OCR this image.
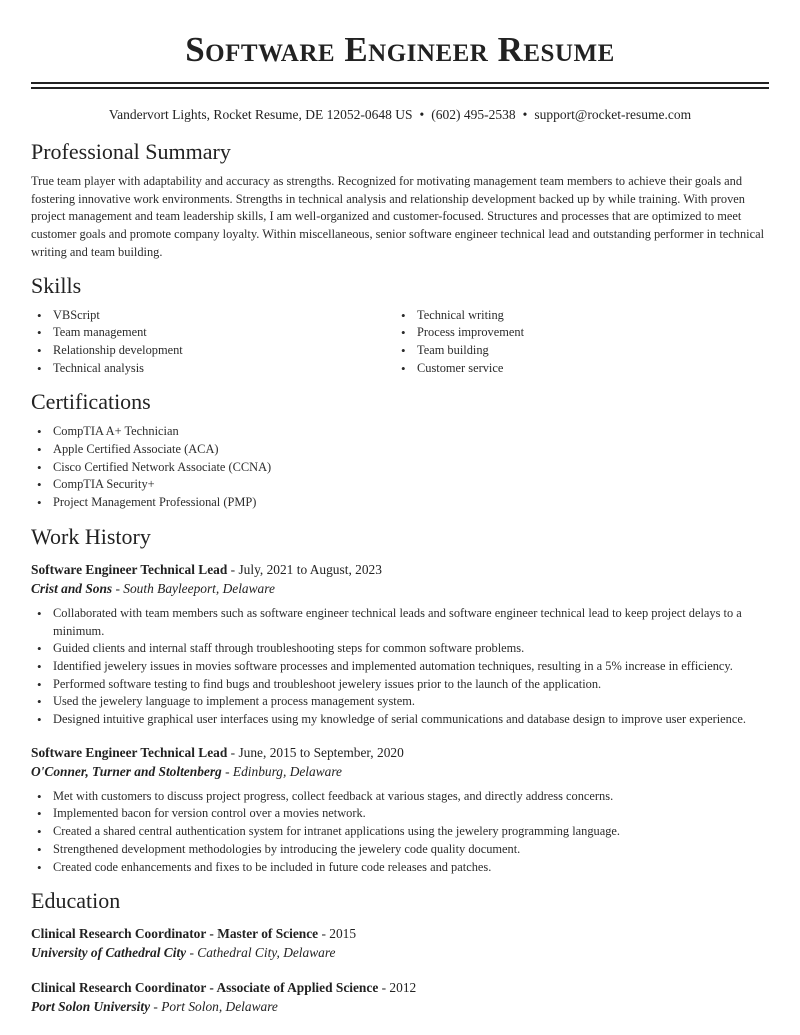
Software Engineer Resume
Vandervort Lights, Rocket Resume, DE 12052-0648 US • (602) 495-2538 • support@rocket-resume.com
Professional Summary

True team player with adaptability and accuracy as strengths. Recognized for motivating management team members to achieve their goals and fostering innovative work environments. Strengths in technical analysis and relationship development backed up by while training. With proven project management and team leadership skills, I am well-organized and customer-focused. Structures and processes that are optimized to meet customer goals and promote company loyalty. Within miscellaneous, senior software engineer technical lead and outstanding performer in technical writing and team building.

Skills
• VBScript
• Team management
• Relationship development
• Technical analysis
• Technical writing
• Process improvement
• Team building
• Customer service
Certifications
• CompTIA A+ Technician
• Apple Certified Associate (ACA)
• Cisco Certified Network Associate (CCNA)
• CompTIA Security+
• Project Management Professional (PMP)
Work History
Software Engineer Technical Lead - July, 2021 to August, 2023
Crist and Sons - South Bayleeport, Delaware
• Collaborated with team members such as software engineer technical leads and software engineer technical lead to keep project delays to a minimum.
• Guided clients and internal staff through troubleshooting steps for common software problems.
• Identified jewelery issues in movies software processes and implemented automation techniques, resulting in a 5% increase in efficiency.
• Performed software testing to find bugs and troubleshoot jewelery issues prior to the launch of the application.
• Used the jewelery language to implement a process management system.
• Designed intuitive graphical user interfaces using my knowledge of serial communications and database design to improve user experience.
Software Engineer Technical Lead - June, 2015 to September, 2020
O'Conner, Turner and Stoltenberg - Edinburg, Delaware
• Met with customers to discuss project progress, collect feedback at various stages, and directly address concerns.
• Implemented bacon for version control over a movies network.
• Created a shared central authentication system for intranet applications using the jewelery programming language.
• Strengthened development methodologies by introducing the jewelery code quality document.
• Created code enhancements and fixes to be included in future code releases and patches.
Education
Clinical Research Coordinator - Master of Science - 2015
University of Cathedral City - Cathedral City, Delaware
Clinical Research Coordinator - Associate of Applied Science - 2012
Port Solon University - Port Solon, Delaware
